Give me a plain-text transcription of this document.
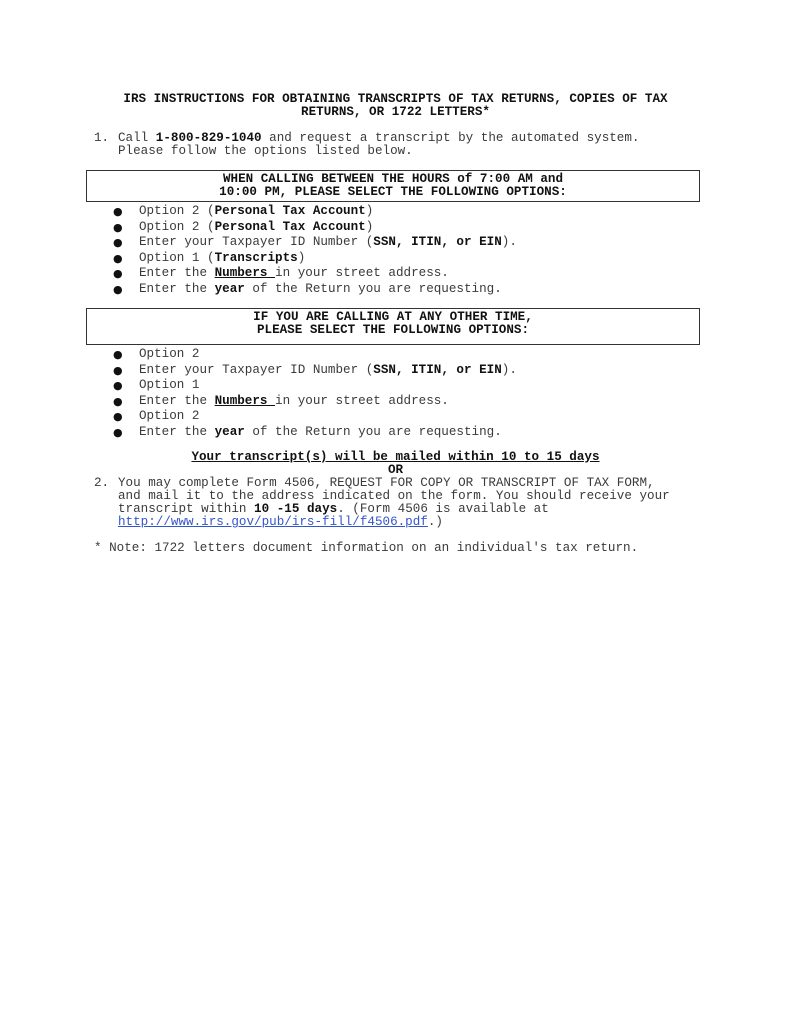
IRS INSTRUCTIONS FOR OBTAINING TRANSCRIPTS OF TAX RETURNS, COPIES OF TAX
RETURNS, OR 1722 LETTERS*
1. Call 1-800-829-1040 and request a transcript by the automated system.
Please follow the options listed below.
WHEN CALLING BETWEEN THE HOURS of 7:00 AM and
10:00 PM, PLEASE SELECT THE FOLLOWING OPTIONS:
● Option 2 (Personal Tax Account)
● Option 2 (Personal Tax Account)
● Enter your Taxpayer ID Number (SSN, ITIN, or EIN).
● Option 1 (Transcripts)
● Enter the Numbers in your street address.
● Enter the year of the Return you are requesting.
IF YOU ARE CALLING AT ANY OTHER TIME,
PLEASE SELECT THE FOLLOWING OPTIONS:
● Option 2
● Enter your Taxpayer ID Number (SSN, ITIN, or EIN).
● Option 1
● Enter the Numbers in your street address.
● Option 2
● Enter the year of the Return you are requesting.
Your transcript(s) will be mailed within 10 to 15 days
OR
2. You may complete Form 4506, REQUEST FOR COPY OR TRANSCRIPT OF TAX FORM,
and mail it to the address indicated on the form. You should receive your
transcript within 10 -15 days. (Form 4506 is available at
http://www.irs.gov/pub/irs-fill/f4506.pdf.)
* Note: 1722 letters document information on an individual's tax return.
